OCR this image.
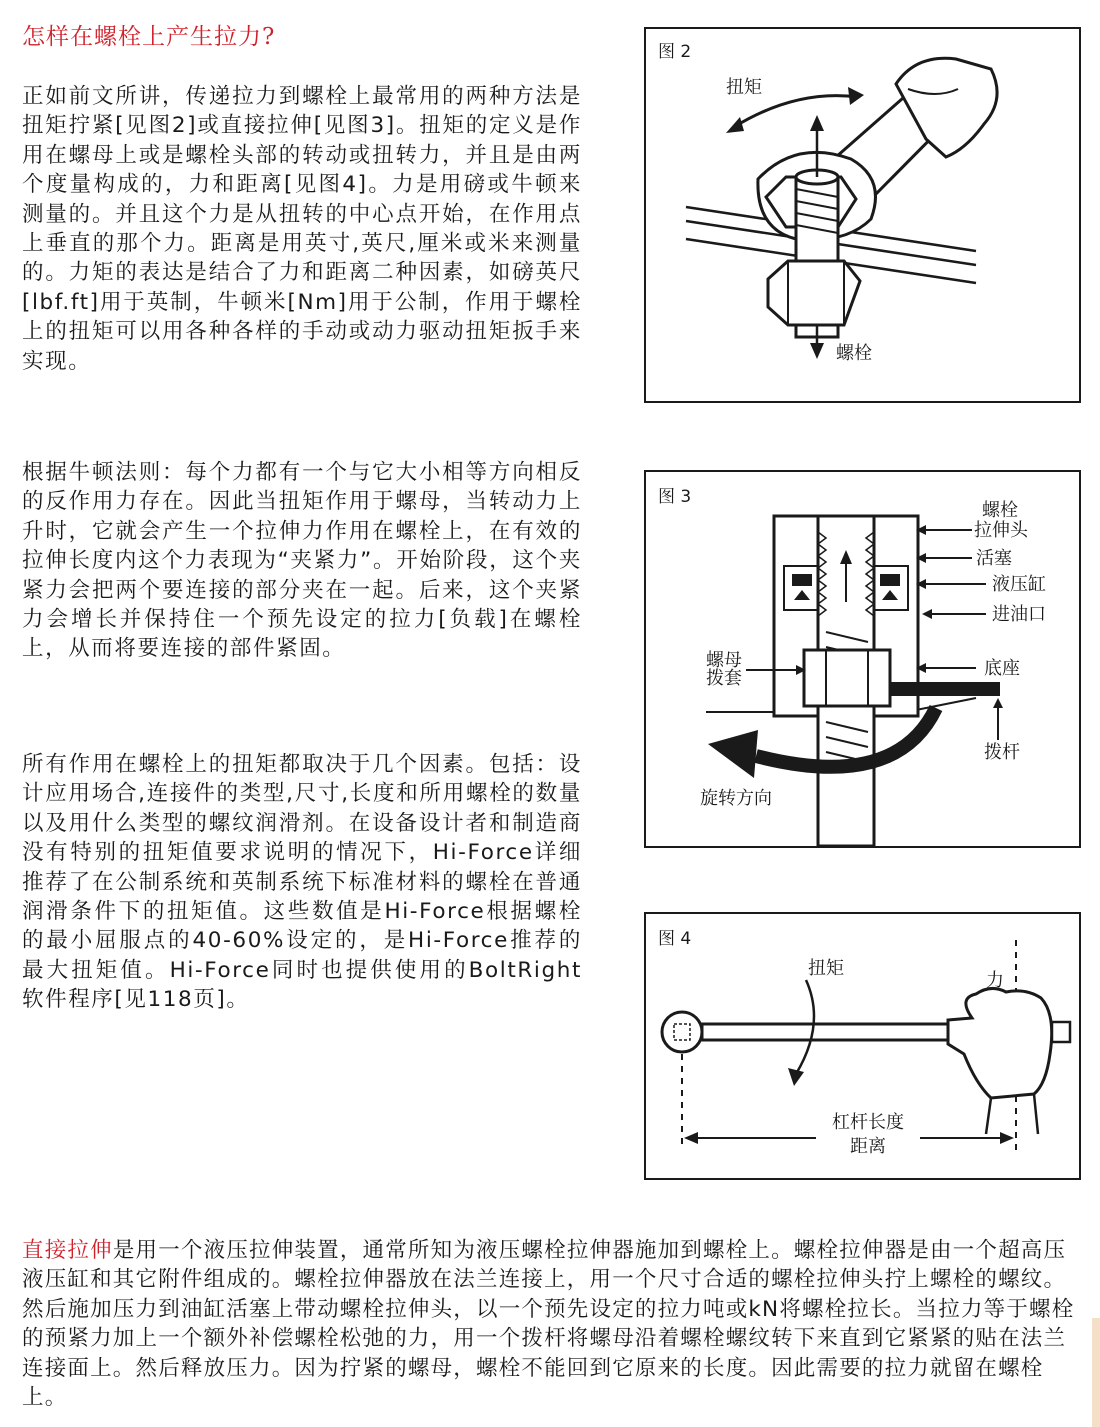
怎样在螺栓上产生拉力?

正如前文所讲，传递拉力到螺栓上最常用的两种方法是扭矩拧紧[见图2]或直接拉伸[见图3]。扭矩的定义是作用在螺母上或是螺栓头部的转动或扭转力，并且是由两个度量构成的，力和距离[见图4]。力是用磅或牛顿来测量的。并且这个力是从扭转的中心点开始，在作用点上垂直的那个力。距离是用英寸,英尺,厘米或米来测量的。力矩的表达是结合了力和距离二种因素，如磅英尺[lbf.ft]用于英制，牛顿米[Nm]用于公制，作用于螺栓上的扭矩可以用各种各样的手动或动力驱动扭矩扳手来实现。

根据牛顿法则：每个力都有一个与它大小相等方向相反的反作用力存在。因此当扭矩作用于螺母，当转动力上升时，它就会产生一个拉伸力作用在螺栓上，在有效的拉伸长度内这个力表现为“夹紧力”。开始阶段，这个夹紧力会把两个要连接的部分夹在一起。后来，这个夹紧力会增长并保持住一个预先设定的拉力[负载]在螺栓上，从而将要连接的部件紧固。

所有作用在螺栓上的扭矩都取决于几个因素。包括：设计应用场合,连接件的类型,尺寸,长度和所用螺栓的数量以及用什么类型的螺纹润滑剂。在设备设计者和制造商没有特别的扭矩值要求说明的情况下，Hi-Force详细推荐了在公制系统和英制系统下标准材料的螺栓在普通润滑条件下的扭矩值。这些数值是Hi-Force根据螺栓的最小屈服点的40-60%设定的，是Hi-Force推荐的最大扭矩值。Hi-Force同时也提供使用的BoltRight软件程序[见118页]。

直接拉伸是用一个液压拉伸装置，通常所知为液压螺栓拉伸器施加到螺栓上。螺栓拉伸器是由一个超高压液压缸和其它附件组成的。螺栓拉伸器放在法兰连接上，用一个尺寸合适的螺栓拉伸头拧上螺栓的螺纹。然后施加压力到油缸活塞上带动螺栓拉伸头，以一个预先设定的拉力吨或kN将螺栓拉长。当拉力等于螺栓的预紧力加上一个额外补偿螺栓松弛的力，用一个拨杆将螺母沿着螺栓螺纹转下来直到它紧紧的贴在法兰连接面上。然后释放压力。因为拧紧的螺母，螺栓不能回到它原来的长度。因此需要的拉力就留在螺栓上。

图 2
扭矩
螺栓
图 3
螺栓
拉伸头
活塞
液压缸
进油口
底座
螺母
拨套
拨杆
旋转方向
图 4
扭矩
力
杠杆长度
距离
